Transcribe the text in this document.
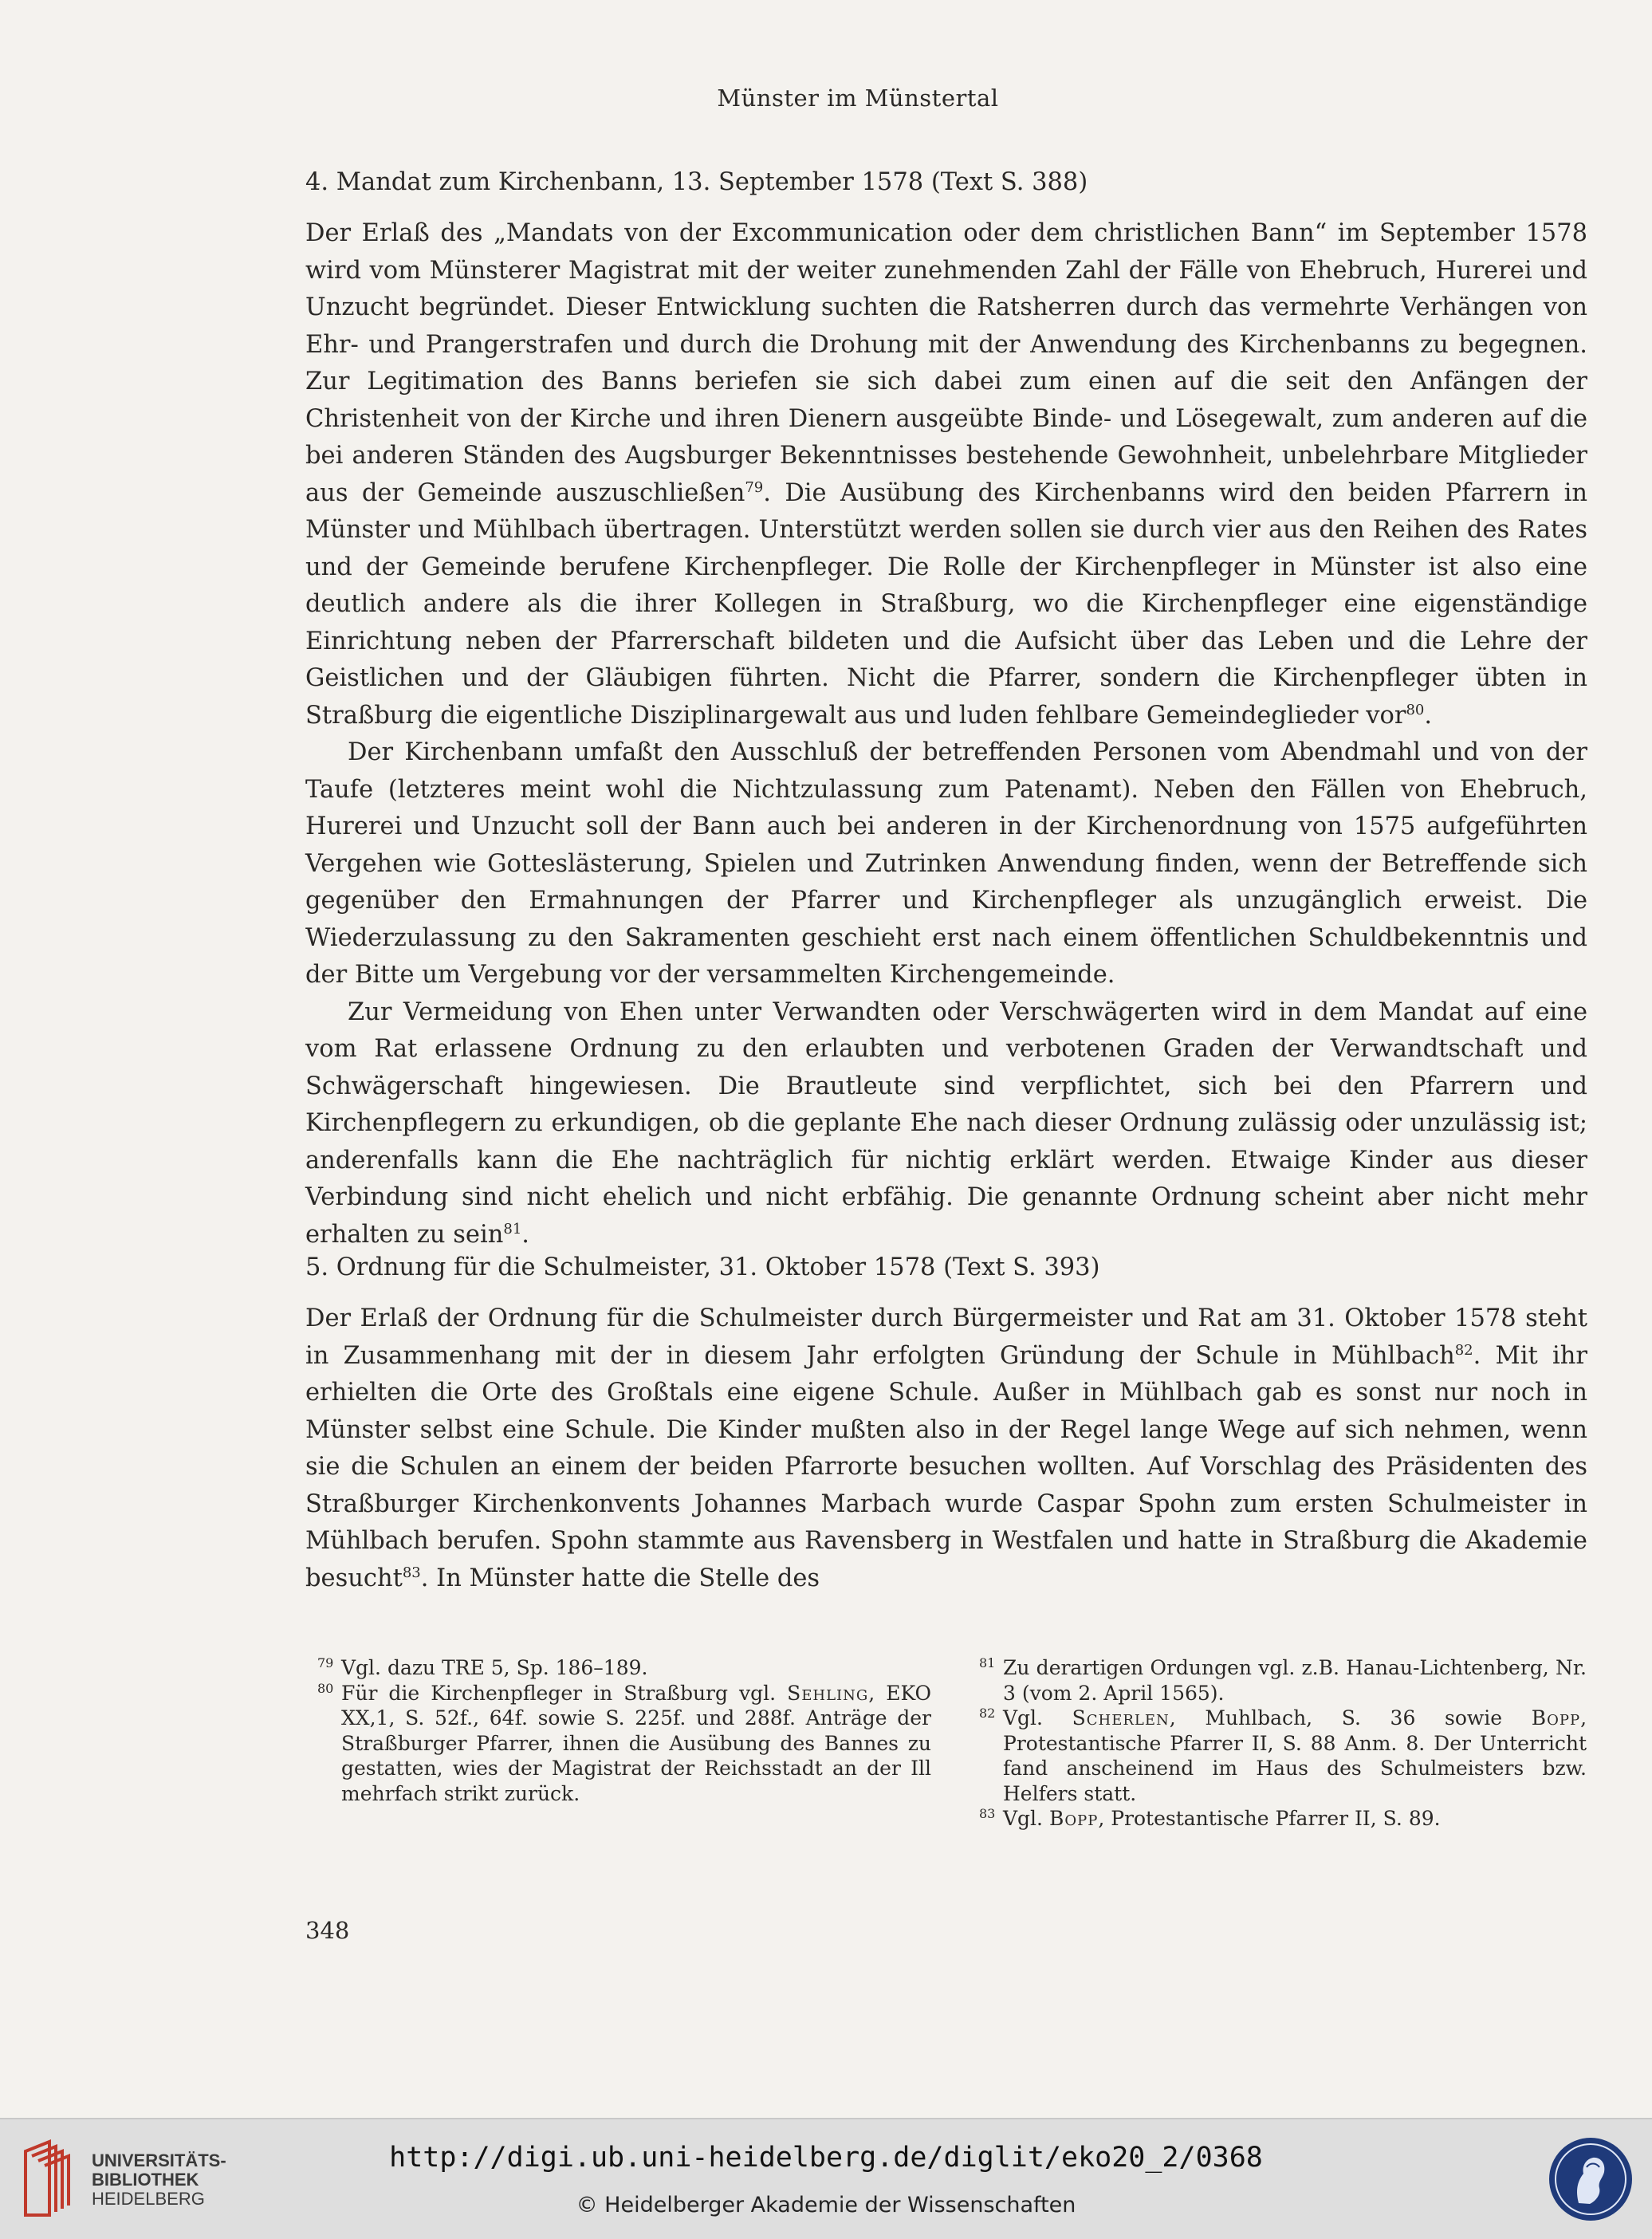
Münster im Münstertal
4. Mandat zum Kirchenbann, 13. September 1578 (Text S. 388)

Der Erlaß des „Mandats von der Excommunication oder dem christlichen Bann“ im September 1578 wird vom Münsterer Magistrat mit der weiter zunehmenden Zahl der Fälle von Ehebruch, Hurerei und Unzucht begründet. Dieser Entwicklung suchten die Ratsherren durch das vermehrte Verhängen von Ehr- und Prangerstrafen und durch die Drohung mit der Anwendung des Kirchenbanns zu begegnen. Zur Legitimation des Banns beriefen sie sich dabei zum einen auf die seit den Anfängen der Christenheit von der Kirche und ihren Dienern ausgeübte Binde- und Lösegewalt, zum anderen auf die bei anderen Ständen des Augsburger Bekenntnisses bestehende Gewohnheit, unbelehrbare Mitglieder aus der Gemeinde auszuschließen$^{79}$. Die Ausübung des Kirchenbanns wird den beiden Pfarrern in Münster und Mühlbach übertragen. Unterstützt werden sollen sie durch vier aus den Reihen des Rates und der Gemeinde berufene Kirchenpfleger. Die Rolle der Kirchenpfleger in Münster ist also eine deutlich andere als die ihrer Kollegen in Straßburg, wo die Kirchenpfleger eine eigenständige Einrichtung neben der Pfarrerschaft bildeten und die Aufsicht über das Leben und die Lehre der Geistlichen und der Gläubigen führten. Nicht die Pfarrer, sondern die Kirchenpfleger übten in Straßburg die eigentliche Disziplinargewalt aus und luden fehlbare Gemeindeglieder vor$^{80}$.

Der Kirchenbann umfaßt den Ausschluß der betreffenden Personen vom Abendmahl und von der Taufe (letzteres meint wohl die Nichtzulassung zum Patenamt). Neben den Fällen von Ehebruch, Hurerei und Unzucht soll der Bann auch bei anderen in der Kirchenordnung von 1575 aufgeführten Vergehen wie Gotteslästerung, Spielen und Zutrinken Anwendung finden, wenn der Betreffende sich gegenüber den Ermahnungen der Pfarrer und Kirchenpfleger als unzugänglich erweist. Die Wiederzulassung zu den Sakramenten geschieht erst nach einem öffentlichen Schuldbekenntnis und der Bitte um Vergebung vor der versammelten Kirchengemeinde.

Zur Vermeidung von Ehen unter Verwandten oder Verschwägerten wird in dem Mandat auf eine vom Rat erlassene Ordnung zu den erlaubten und verbotenen Graden der Verwandtschaft und Schwägerschaft hingewiesen. Die Brautleute sind verpflichtet, sich bei den Pfarrern und Kirchenpflegern zu erkundigen, ob die geplante Ehe nach dieser Ordnung zulässig oder unzulässig ist; anderenfalls kann die Ehe nachträglich für nichtig erklärt werden. Etwaige Kinder aus dieser Verbindung sind nicht ehelich und nicht erbfähig. Die genannte Ordnung scheint aber nicht mehr erhalten zu sein$^{81}$.

5. Ordnung für die Schulmeister, 31. Oktober 1578 (Text S. 393)

Der Erlaß der Ordnung für die Schulmeister durch Bürgermeister und Rat am 31. Oktober 1578 steht in Zusammenhang mit der in diesem Jahr erfolgten Gründung der Schule in Mühlbach$^{82}$. Mit ihr erhielten die Orte des Großtals eine eigene Schule. Außer in Mühlbach gab es sonst nur noch in Münster selbst eine Schule. Die Kinder mußten also in der Regel lange Wege auf sich nehmen, wenn sie die Schulen an einem der beiden Pfarrorte besuchen wollten. Auf Vorschlag des Präsidenten des Straßburger Kirchenkonvents Johannes Marbach wurde Caspar Spohn zum ersten Schulmeister in Mühlbach berufen. Spohn stammte aus Ravensberg in Westfalen und hatte in Straßburg die Akademie besucht$^{83}$. In Münster hatte die Stelle des

79 Vgl. dazu TRE 5, Sp. 186–189.

80 Für die Kirchenpfleger in Straßburg vgl. Sehling, EKO XX,1, S. 52f., 64f. sowie S. 225f. und 288f. Anträge der Straßburger Pfarrer, ihnen die Ausübung des Bannes zu gestatten, wies der Magistrat der Reichsstadt an der Ill mehrfach strikt zurück.

81 Zu derartigen Ordungen vgl. z.B. Hanau-Lichtenberg, Nr. 3 (vom 2. April 1565).

82 Vgl. Scherlen, Muhlbach, S. 36 sowie Bopp, Protestantische Pfarrer II, S. 88 Anm. 8. Der Unterricht fand anscheinend im Haus des Schulmeisters bzw. Helfers statt.

83 Vgl. Bopp, Protestantische Pfarrer II, S. 89.

348
UNIVERSITÄTS-
BIBLIOTHEK
HEIDELBERG
http://digi.ub.uni-heidelberg.de/diglit/eko20_2/0368
© Heidelberger Akademie der Wissenschaften
